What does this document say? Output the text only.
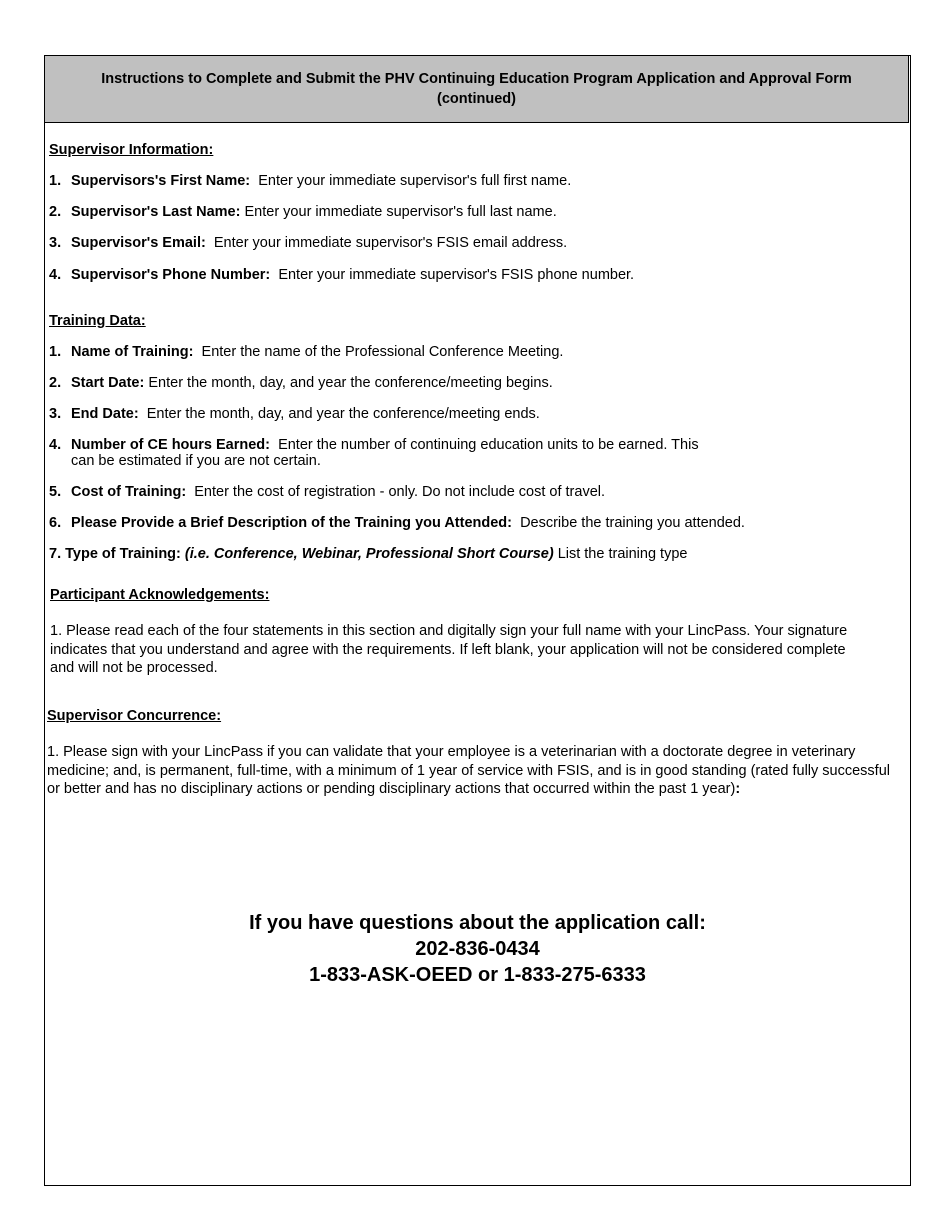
Instructions to Complete and Submit the PHV Continuing Education Program Application and Approval Form
(continued)
Supervisor Information:
1. Supervisors's First Name: Enter your immediate supervisor's full first name.
2. Supervisor's Last Name: Enter your immediate supervisor's full last name.
3. Supervisor's Email: Enter your immediate supervisor's FSIS email address.
4. Supervisor's Phone Number: Enter your immediate supervisor's FSIS phone number.
Training Data:
1. Name of Training: Enter the name of the Professional Conference Meeting.
2. Start Date: Enter the month, day, and year the conference/meeting begins.
3. End Date: Enter the month, day, and year the conference/meeting ends.
4. Number of CE hours Earned: Enter the number of continuing education units to be earned. This
can be estimated if you are not certain.
5. Cost of Training: Enter the cost of registration - only. Do not include cost of travel.
6. Please Provide a Brief Description of the Training you Attended: Describe the training you attended.
7. Type of Training: (i.e. Conference, Webinar, Professional Short Course) List the training type
Participant Acknowledgements:
1. Please read each of the four statements in this section and digitally sign your full name with your LincPass. Your signature indicates that you understand and agree with the requirements. If left blank, your application will not be considered complete and will not be processed.
Supervisor Concurrence:
1. Please sign with your LincPass if you can validate that your employee is a veterinarian with a doctorate degree in veterinary medicine; and, is permanent, full-time, with a minimum of 1 year of service with FSIS, and is in good standing (rated fully successful or better and has no disciplinary actions or pending disciplinary actions that occurred within the past 1 year):
If you have questions about the application call:
202-836-0434
1-833-ASK-OEED or 1-833-275-6333
